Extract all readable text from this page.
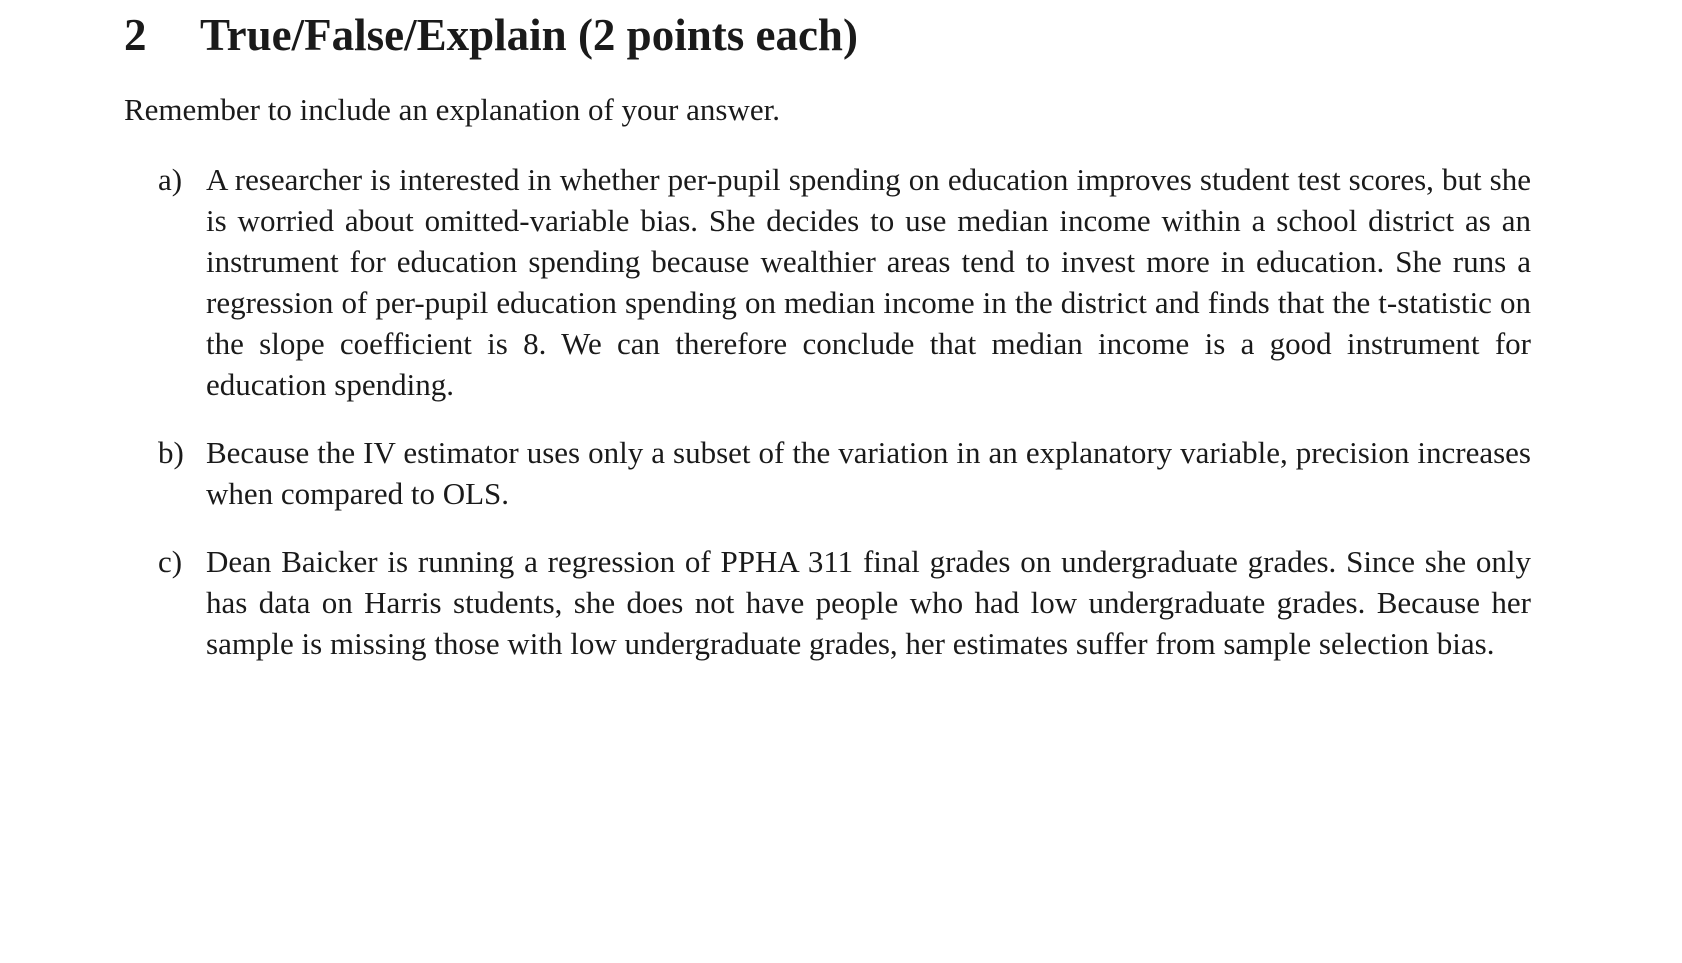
2 True/False/Explain (2 points each)

Remember to include an explanation of your answer.

a) A researcher is interested in whether per-pupil spending on education improves student test scores, but she is worried about omitted-variable bias. She decides to use median income within a school district as an instrument for education spending because wealthier areas tend to invest more in education. She runs a regression of per-pupil education spending on median income in the district and finds that the t-statistic on the slope coefficient is 8. We can therefore conclude that median income is a good instrument for education spending.
b) Because the IV estimator uses only a subset of the variation in an explanatory variable, precision increases when compared to OLS.
c) Dean Baicker is running a regression of PPHA 311 final grades on undergraduate grades. Since she only has data on Harris students, she does not have people who had low undergraduate grades. Because her sample is missing those with low undergraduate grades, her estimates suffer from sample selection bias.
